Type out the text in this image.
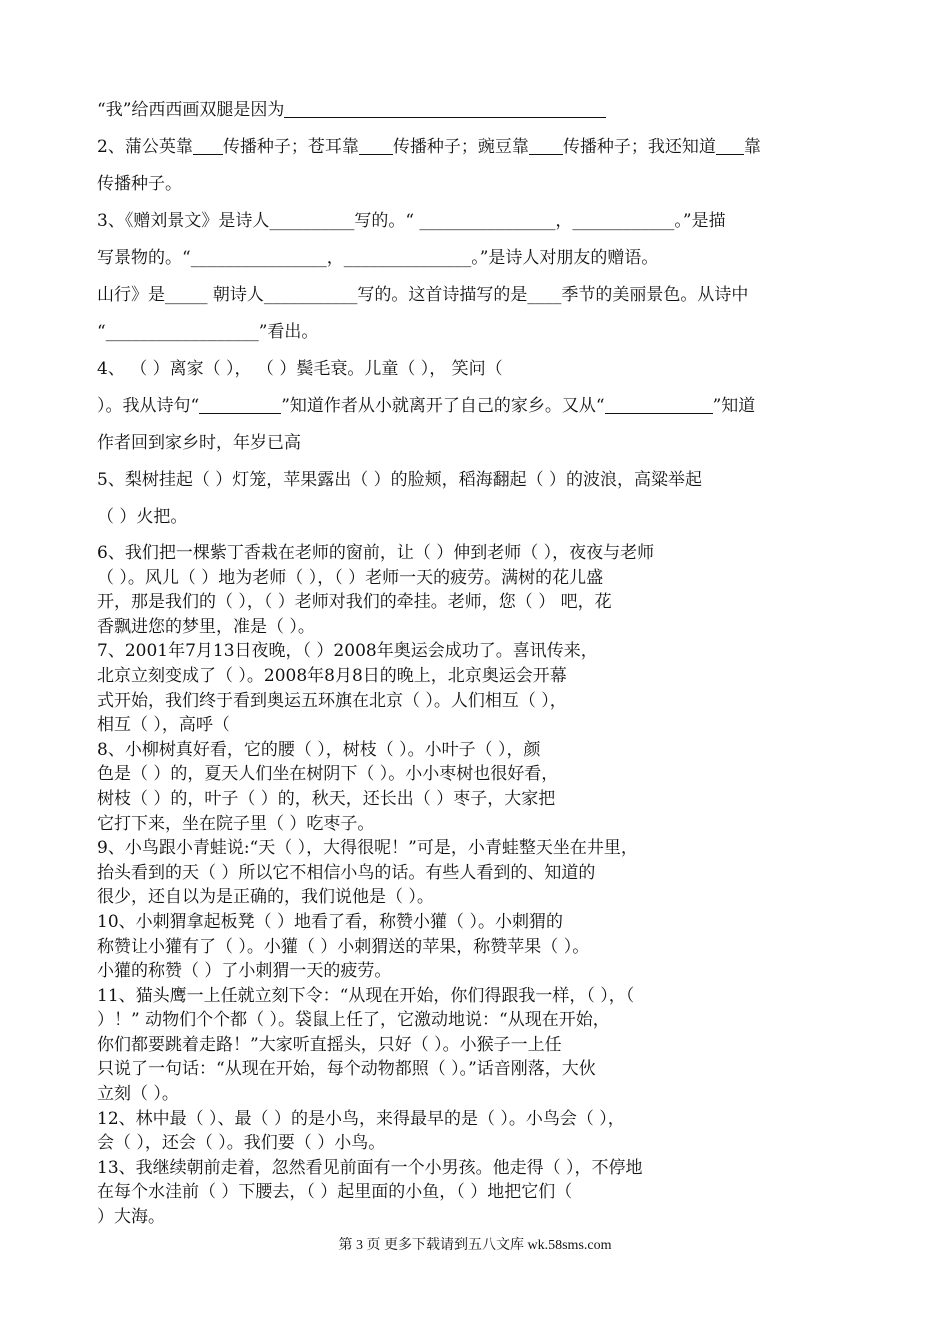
“我”给西西画双腿是因为
2、蒲公英靠 传播种子；苍耳靠 传播种子；豌豆靠 传播种子；我还知道 靠
传播种子。
3、《赠刘景文》是诗人__________写的。“ ________________，____________。”是描
写景物的。“________________，_______________。”是诗人对朋友的赠语。
山行》是_____ 朝诗人___________写的。这首诗描写的是____季节的美丽景色。从诗中
“__________________”看出。
4、 （ ）离家（ ）， （ ）鬓毛衰。儿童（ ）， 笑问（
）。我从诗句“	”知道作者从小就离开了自己的家乡。又从“	”知道
作者回到家乡时，年岁已高
5、梨树挂起（ ）灯笼，苹果露出（ ）的脸颊，稻海翻起（ ）的波浪，高粱举起
（ ）火把。
6、我们把一棵紫丁香栽在老师的窗前，让（ ）伸到老师（ ），夜夜与老师
（ ）。风儿（ ）地为老师（ ），（ ）老师一天的疲劳。满树的花儿盛
开，那是我们的（ ），（ ）老师对我们的牵挂。老师，您（ ） 吧，花
香飘进您的梦里，准是（ ）。
7、2001年7月13日夜晚，（ ）2008年奥运会成功了。喜讯传来，
北京立刻变成了（ ）。2008年8月8日的晚上，北京奥运会开幕
式开始，我们终于看到奥运五环旗在北京（ ）。人们相互（ ），
相互（ ），高呼（
8、小柳树真好看，它的腰（ ），树枝（ ）。小叶子（ ），颜
色是（ ）的，夏天人们坐在树阴下（ ）。小小枣树也很好看，
树枝（ ）的，叶子（ ）的，秋天，还长出（ ）枣子，大家把
它打下来，坐在院子里（ ）吃枣子。
9、小鸟跟小青蛙说:“天（ ），大得很呢！”可是，小青蛙整天坐在井里，
抬头看到的天（ ）所以它不相信小鸟的话。有些人看到的、知道的
很少，还自以为是正确的，我们说他是（ ）。
10、小刺猬拿起板凳（ ）地看了看，称赞小獾（ ）。小刺猬的
称赞让小獾有了（ ）。小獾（ ）小刺猬送的苹果，称赞苹果（ ）。
小獾的称赞（ ）了小刺猬一天的疲劳。
11、猫头鹰一上任就立刻下令：“从现在开始，你们得跟我一样，（ ），（
）！” 动物们个个都（ ）。袋鼠上任了，它激动地说：“从现在开始，
你们都要跳着走路！”大家听直摇头，只好（ ）。小猴子一上任
只说了一句话：“从现在开始，每个动物都照（ ）。”话音刚落，大伙
立刻（ ）。
12、林中最（ ）、最（ ）的是小鸟，来得最早的是（ ）。小鸟会（ ），
会（ ），还会（ ）。我们要（ ）小鸟。
13、我继续朝前走着，忽然看见前面有一个小男孩。他走得（ ），不停地
在每个水洼前（ ）下腰去，（ ）起里面的小鱼，（ ）地把它们（
）大海。
第 3 页 更多下载请到五八文库 wk.58sms.com
